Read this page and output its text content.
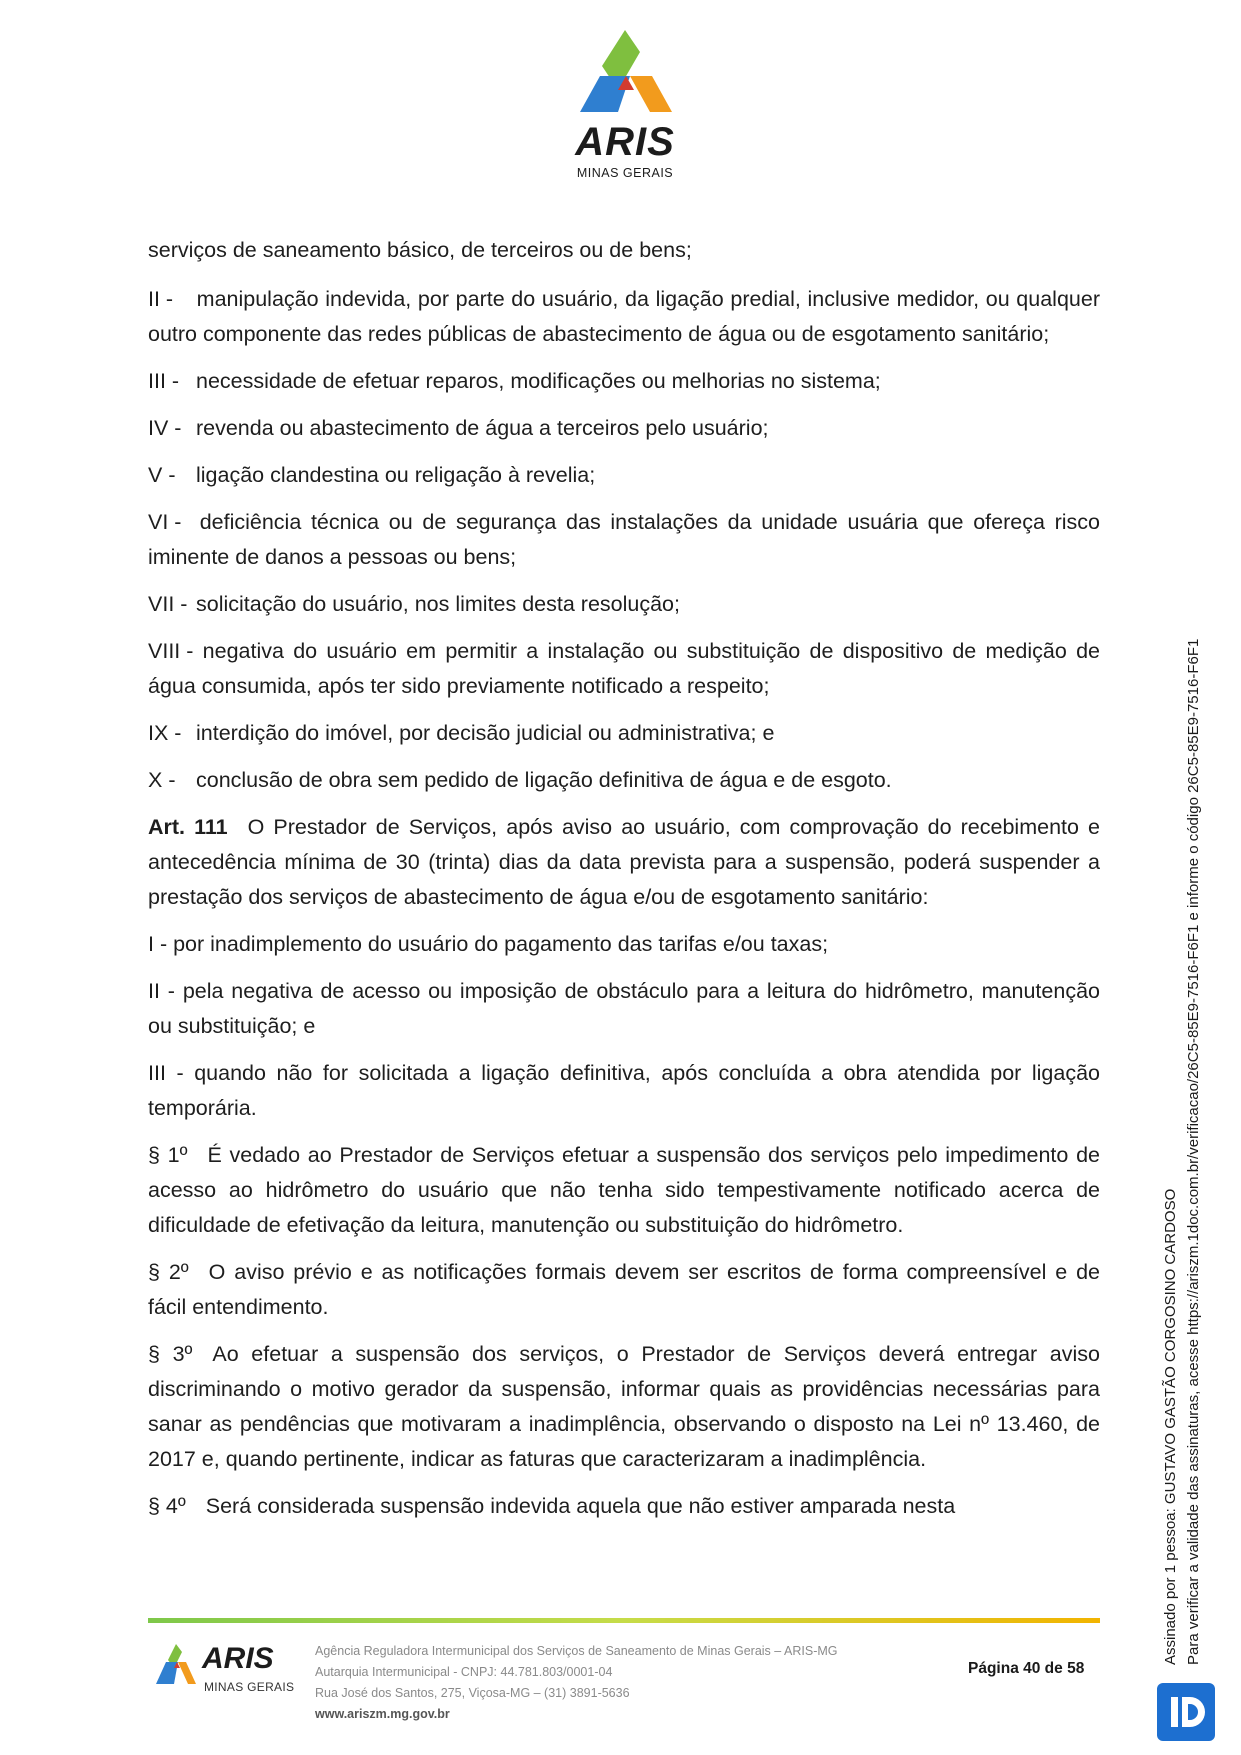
ARIS
MINAS GERAIS

serviços de saneamento básico, de terceiros ou de bens;

II - manipulação indevida, por parte do usuário, da ligação predial, inclusive medidor, ou qualquer outro componente das redes públicas de abastecimento de água ou de esgotamento sanitário;

III - necessidade de efetuar reparos, modificações ou melhorias no sistema;

IV - revenda ou abastecimento de água a terceiros pelo usuário;

V - ligação clandestina ou religação à revelia;

VI - deficiência técnica ou de segurança das instalações da unidade usuária que ofereça risco iminente de danos a pessoas ou bens;

VII - solicitação do usuário, nos limites desta resolução;

VIII - negativa do usuário em permitir a instalação ou substituição de dispositivo de medição de água consumida, após ter sido previamente notificado a respeito;

IX - interdição do imóvel, por decisão judicial ou administrativa; e

X - conclusão de obra sem pedido de ligação definitiva de água e de esgoto.

Art. 111 O Prestador de Serviços, após aviso ao usuário, com comprovação do recebimento e antecedência mínima de 30 (trinta) dias da data prevista para a suspensão, poderá suspender a prestação dos serviços de abastecimento de água e/ou de esgotamento sanitário:

I - por inadimplemento do usuário do pagamento das tarifas e/ou taxas;

II - pela negativa de acesso ou imposição de obstáculo para a leitura do hidrômetro, manutenção ou substituição; e

III - quando não for solicitada a ligação definitiva, após concluída a obra atendida por ligação temporária.

§ 1º É vedado ao Prestador de Serviços efetuar a suspensão dos serviços pelo impedimento de acesso ao hidrômetro do usuário que não tenha sido tempestivamente notificado acerca de dificuldade de efetivação da leitura, manutenção ou substituição do hidrômetro.

§ 2º O aviso prévio e as notificações formais devem ser escritos de forma compreensível e de fácil entendimento.

§ 3º Ao efetuar a suspensão dos serviços, o Prestador de Serviços deverá entregar aviso discriminando o motivo gerador da suspensão, informar quais as providências necessárias para sanar as pendências que motivaram a inadimplência, observando o disposto na Lei nº 13.460, de 2017 e, quando pertinente, indicar as faturas que caracterizaram a inadimplência.

§ 4º Será considerada suspensão indevida aquela que não estiver amparada nesta

ARIS
MINAS GERAIS
Agência Reguladora Intermunicipal dos Serviços de Saneamento de Minas Gerais – ARIS-MG
Autarquia Intermunicipal - CNPJ: 44.781.803/0001-04
Rua José dos Santos, 275, Viçosa-MG – (31) 3891-5636
www.ariszm.mg.gov.br
Página 40 de 58
Assinado por 1 pessoa: GUSTAVO GASTÃO CORGOSINO CARDOSO Para verificar a validade das assinaturas, acesse https://ariszm.1doc.com.br/verificacao/26C5-85E9-7516-F6F1 e informe o código 26C5-85E9-7516-F6F1
